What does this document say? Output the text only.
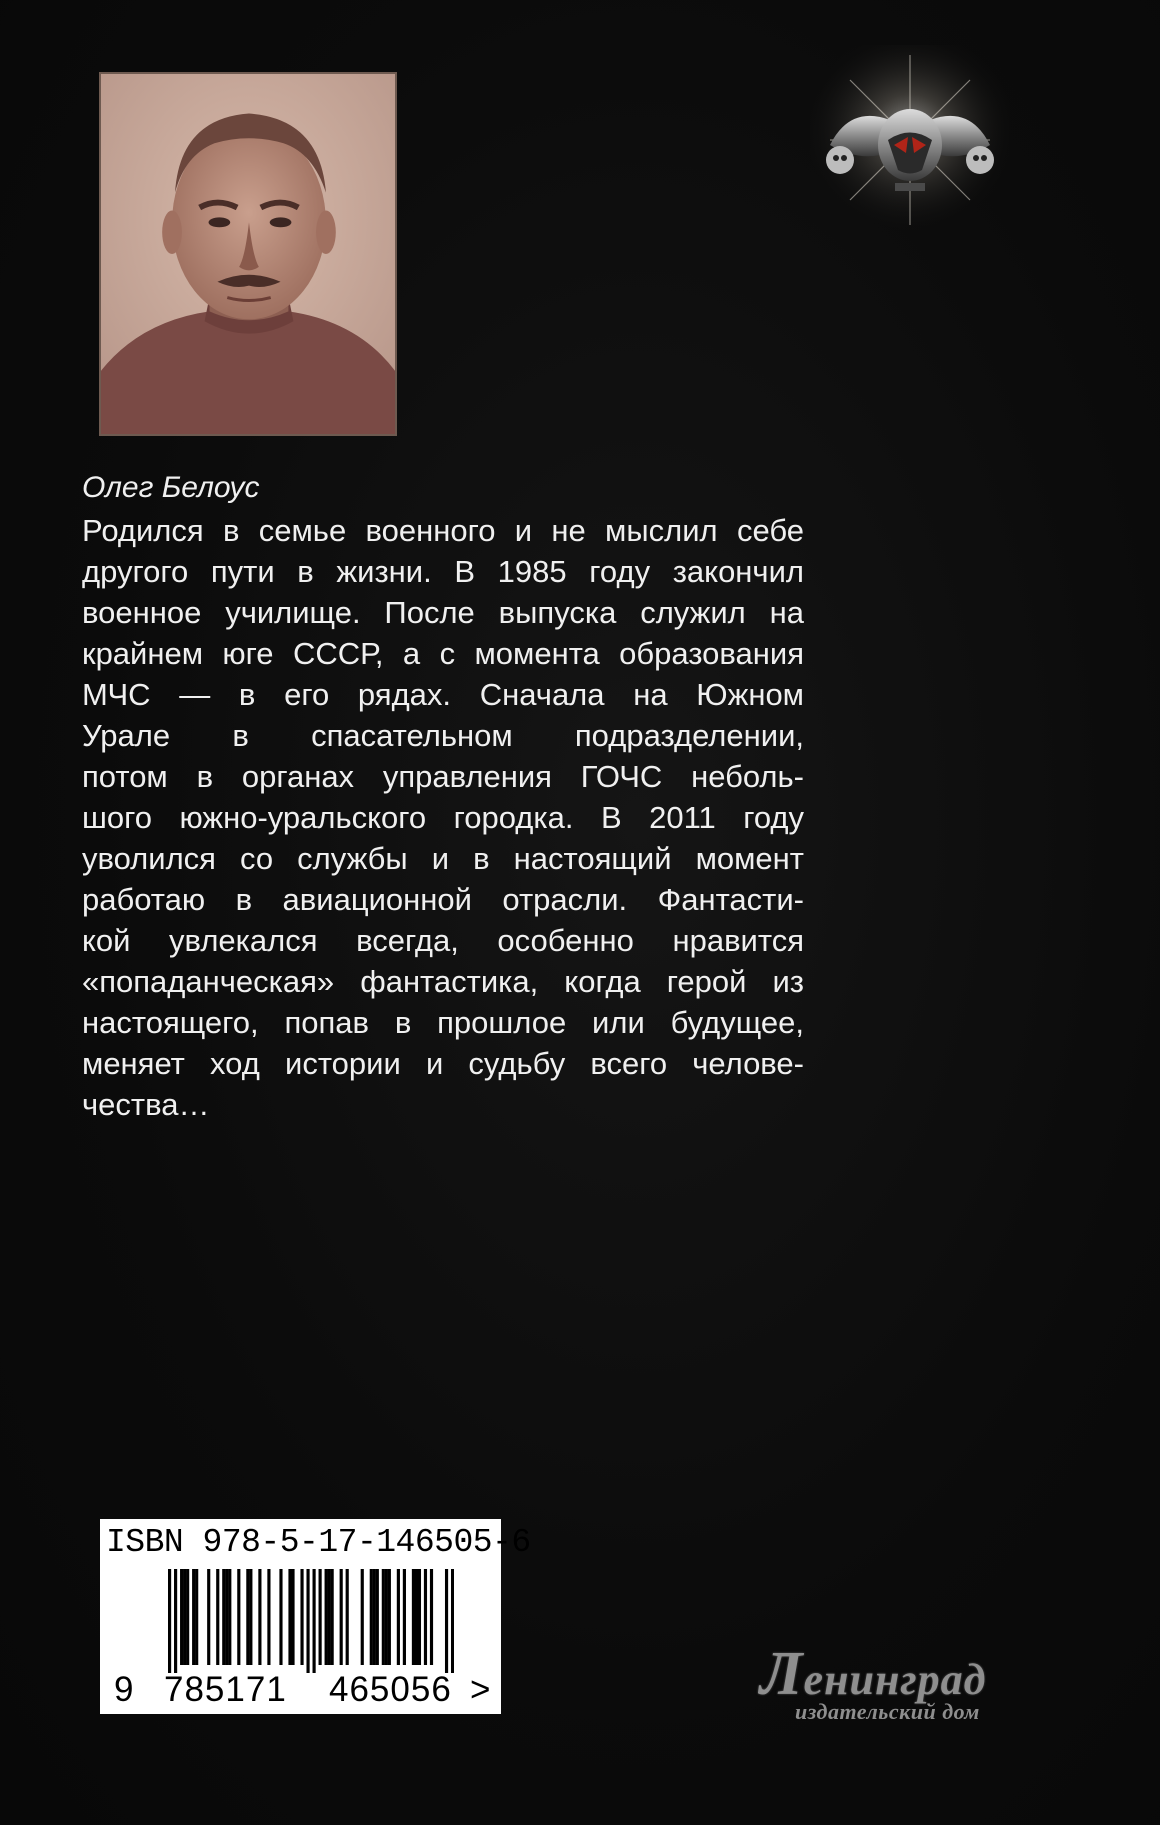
Олег Белоус

Родился в семье военного и не мыслил себе
другого пути в жизни. В 1985 году закончил
военное училище. После выпуска служил на
крайнем юге СССР, а с момента образования
МЧС — в его рядах. Сначала на Южном
Урале в спасательном подразделении,
потом в органах управления ГОЧС неболь-
шого южно-уральского городка. В 2011 году
уволился со службы и в настоящий момент
работаю в авиационной отрасли. Фантасти-
кой увлекался всегда, особенно нравится
«попаданческая» фантастика, когда герой из
настоящего, попав в прошлое или будущее,
меняет ход истории и судьбу всего челове-
чества…
ISBN 978-5-17-146505-6
9 785171 465056 >	Ленинград
издательский дом
